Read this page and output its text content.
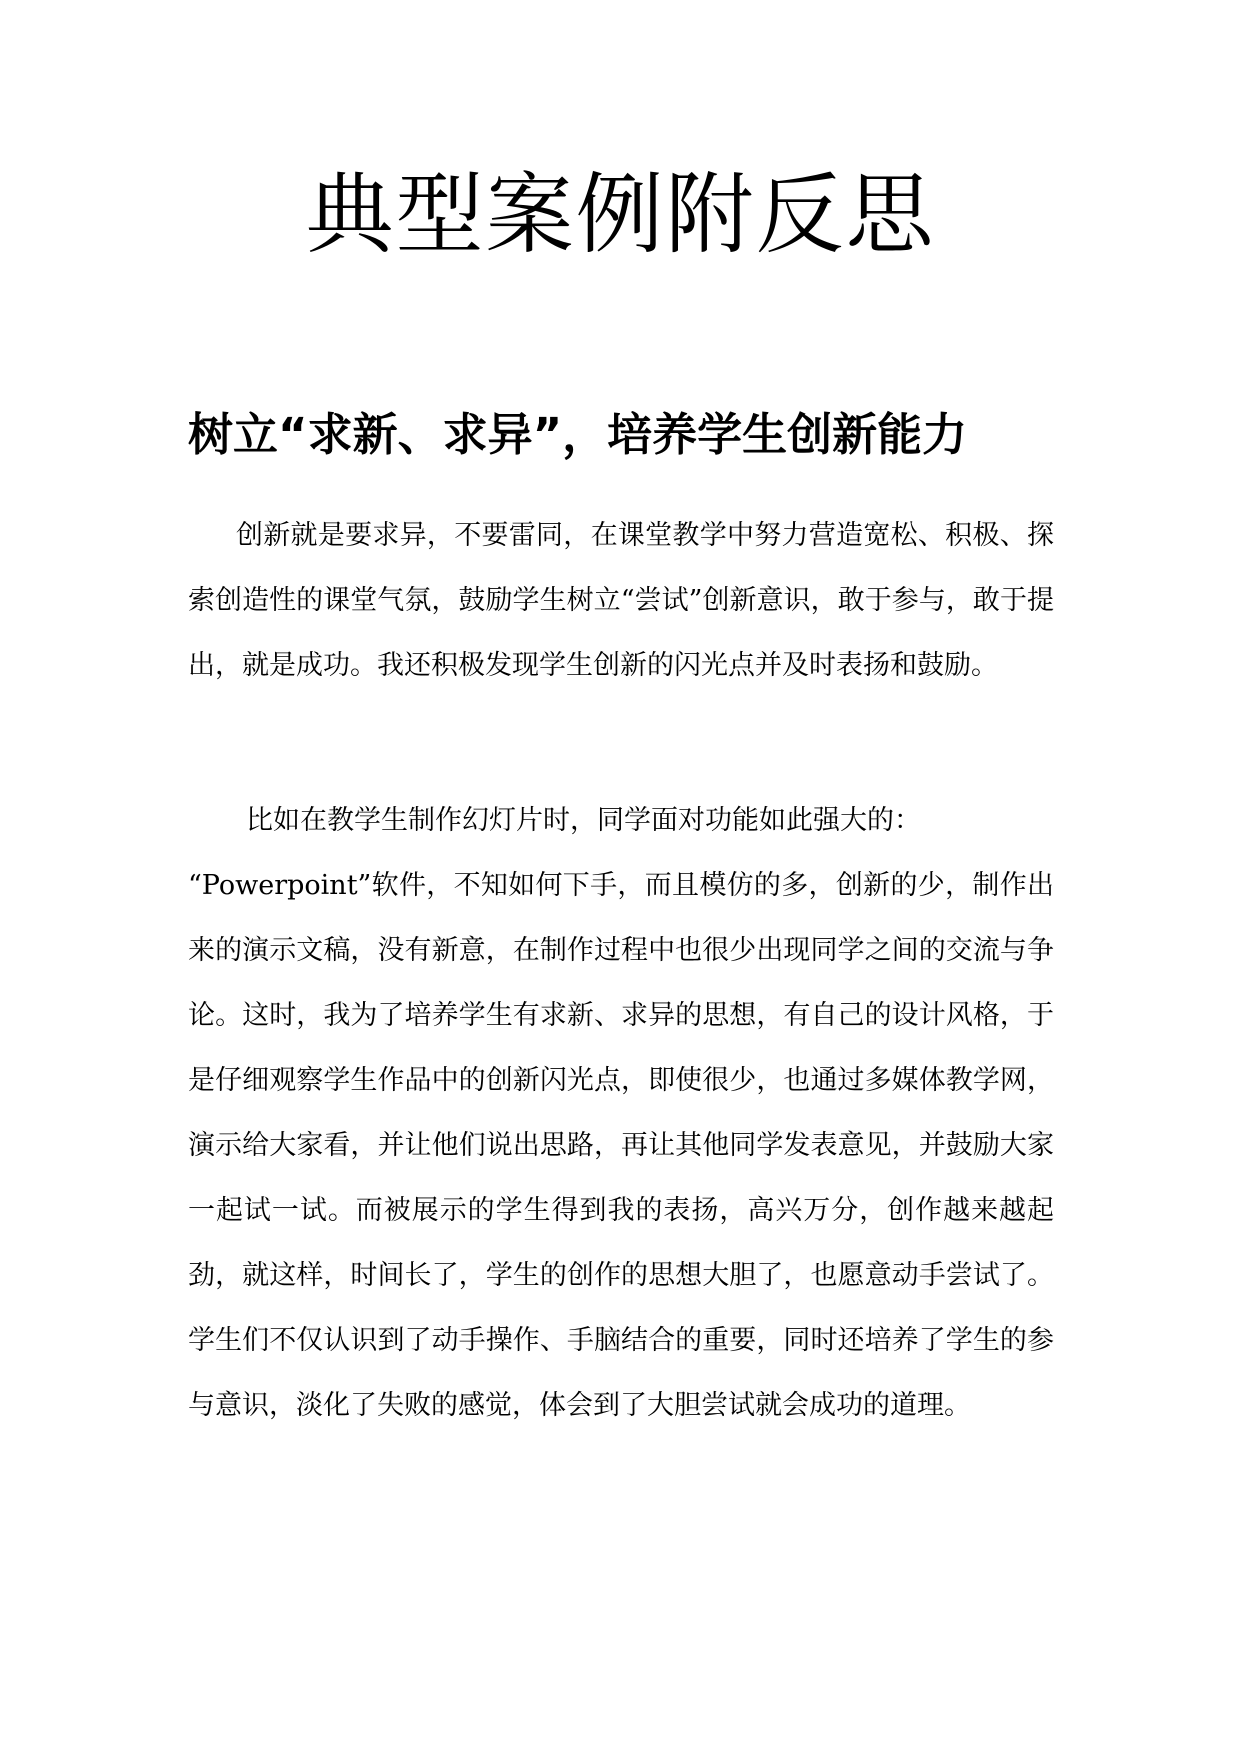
典型案例附反思
树立“求新、求异”，培养学生创新能力

创新就是要求异，不要雷同，在课堂教学中努力营造宽松、积极、探索创造性的课堂气氛，鼓励学生树立“尝试”创新意识，敢于参与，敢于提出，就是成功。我还积极发现学生创新的闪光点并及时表扬和鼓励。

比如在教学生制作幻灯片时，同学面对功能如此强大的：
“Powerpoint”软件，不知如何下手，而且模仿的多，创新的少，制作出来的演示文稿，没有新意，在制作过程中也很少出现同学之间的交流与争论。这时，我为了培养学生有求新、求异的思想，有自己的设计风格，于是仔细观察学生作品中的创新闪光点，即使很少，也通过多媒体教学网，演示给大家看，并让他们说出思路，再让其他同学发表意见，并鼓励大家一起试一试。而被展示的学生得到我的表扬，高兴万分，创作越来越起劲，就这样，时间长了，学生的创作的思想大胆了，也愿意动手尝试了。学生们不仅认识到了动手操作、手脑结合的重要，同时还培养了学生的参与意识，淡化了失败的感觉，体会到了大胆尝试就会成功的道理。
